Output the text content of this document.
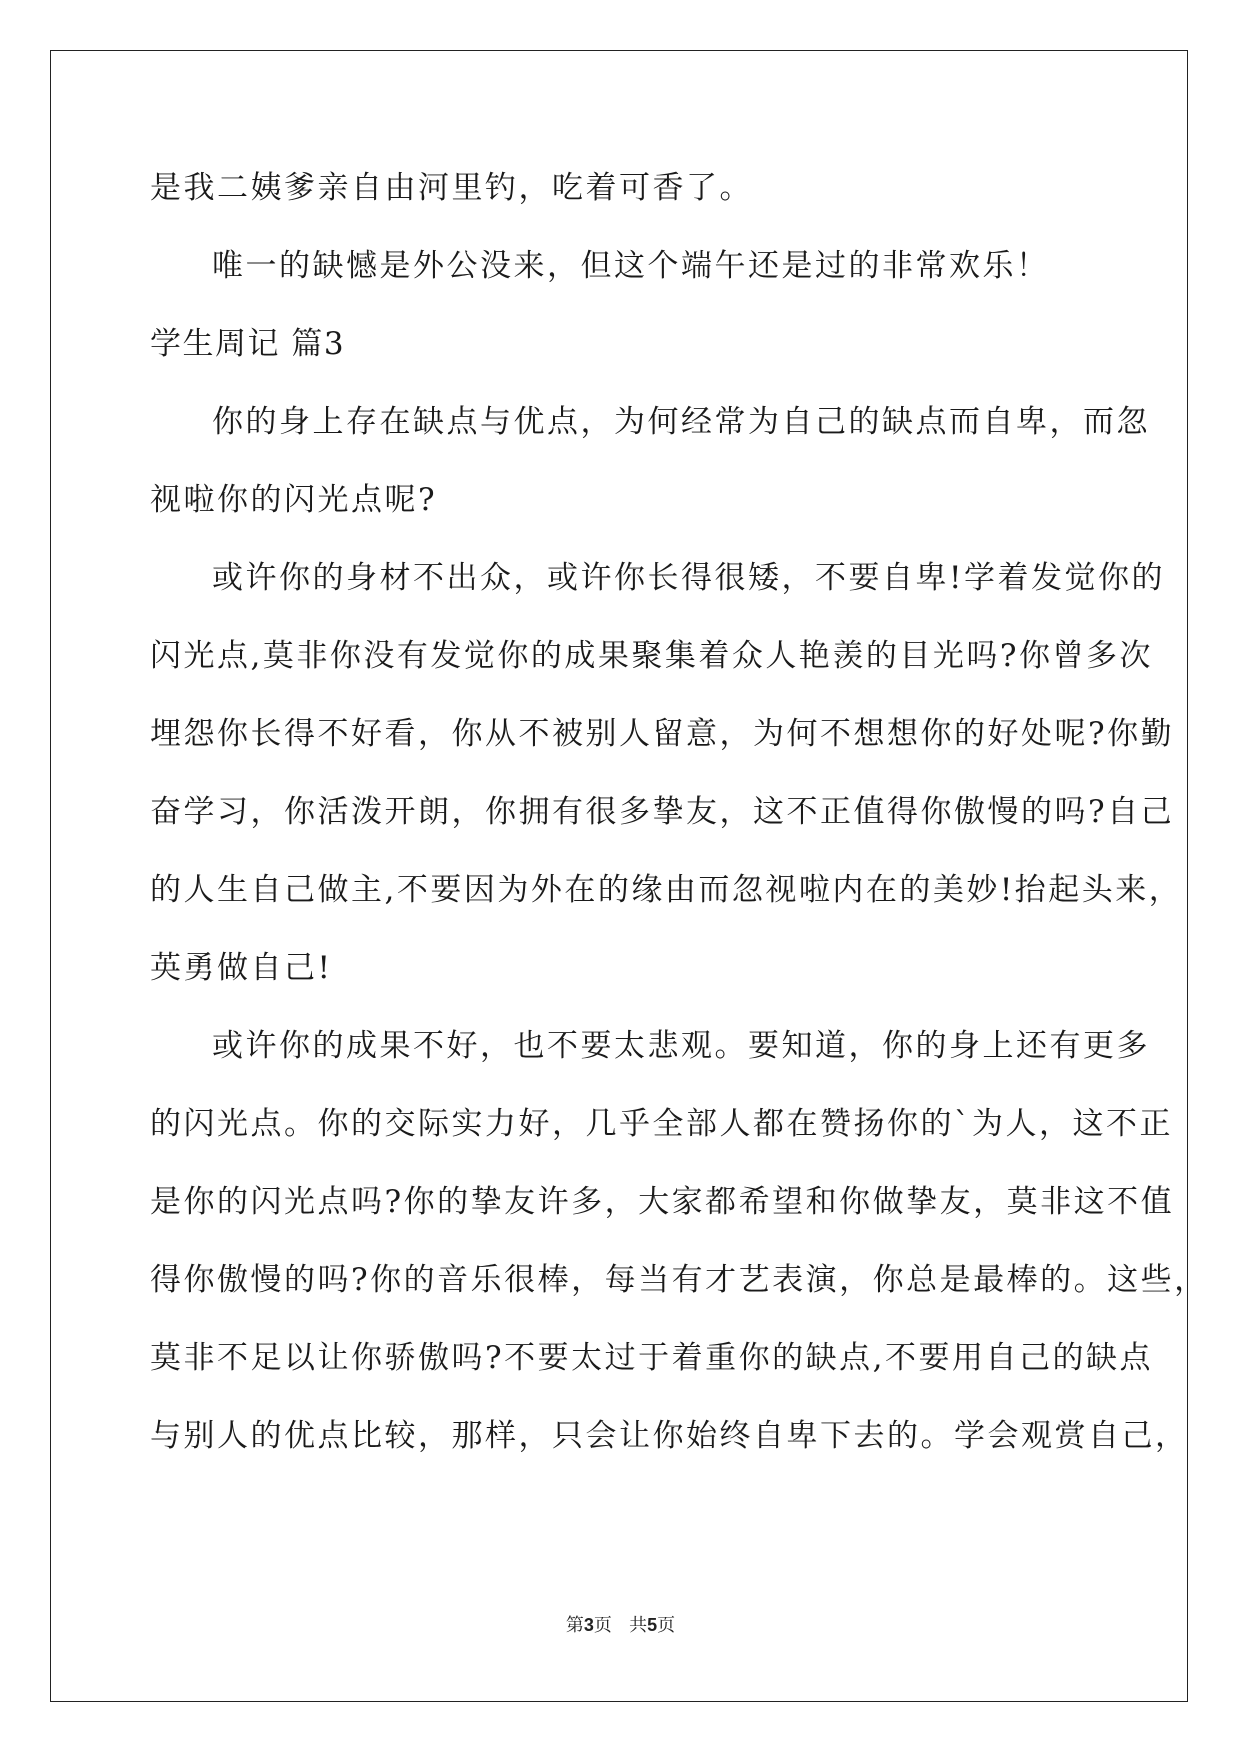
是我二姨爹亲自由河里钓，吃着可香了。
唯一的缺憾是外公没来，但这个端午还是过的非常欢乐！
学生周记 篇3
你的身上存在缺点与优点，为何经常为自己的缺点而自卑，而忽
视啦你的闪光点呢?
或许你的身材不出众，或许你长得很矮，不要自卑!学着发觉你的
闪光点,莫非你没有发觉你的成果聚集着众人艳羡的目光吗?你曾多次
埋怨你长得不好看，你从不被别人留意，为何不想想你的好处呢?你勤
奋学习，你活泼开朗，你拥有很多挚友，这不正值得你傲慢的吗?自己
的人生自己做主,不要因为外在的缘由而忽视啦内在的美妙!抬起头来，
英勇做自己!
或许你的成果不好，也不要太悲观。要知道，你的身上还有更多
的闪光点。你的交际实力好，几乎全部人都在赞扬你的`为人，这不正
是你的闪光点吗?你的挚友许多，大家都希望和你做挚友，莫非这不值
得你傲慢的吗?你的音乐很棒，每当有才艺表演，你总是最棒的。这些，
莫非不足以让你骄傲吗?不要太过于着重你的缺点,不要用自己的缺点
与别人的优点比较，那样，只会让你始终自卑下去的。学会观赏自己，
第3页 共5页
